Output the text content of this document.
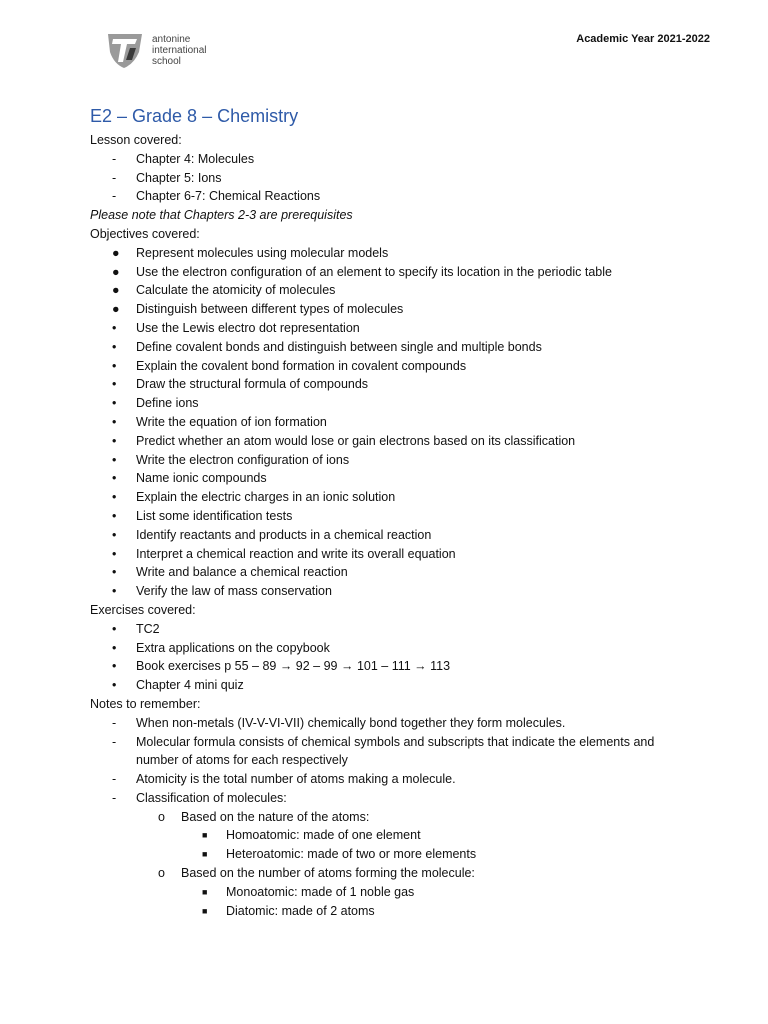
antonine
international
school
Academic Year 2021-2022
E2 – Grade 8 – Chemistry
Lesson covered:
-	Chapter 4: Molecules
-	Chapter 5: Ions
-	Chapter 6-7: Chemical Reactions
Please note that Chapters 2-3 are prerequisites
Objectives covered:
●	Represent molecules using molecular models
●	Use the electron configuration of an element to specify its location in the periodic table
●	Calculate the atomicity of molecules
●	Distinguish between different types of molecules
•	Use the Lewis electro dot representation
•	Define covalent bonds and distinguish between single and multiple bonds
•	Explain the covalent bond formation in covalent compounds
•	Draw the structural formula of compounds
•	Define ions
•	Write the equation of ion formation
•	Predict whether an atom would lose or gain electrons based on its classification
•	Write the electron configuration of ions
•	Name ionic compounds
•	Explain the electric charges in an ionic solution
•	List some identification tests
•	Identify reactants and products in a chemical reaction
•	Interpret a chemical reaction and write its overall equation
•	Write and balance a chemical reaction
•	Verify the law of mass conservation
Exercises covered:
•	TC2
•	Extra applications on the copybook
•	Book exercises p 55 – 89 → 92 – 99 → 101 – 111 → 113
•	Chapter 4 mini quiz
Notes to remember:
-	When non-metals (IV-V-VI-VII) chemically bond together they form molecules.
-	Molecular formula consists of chemical symbols and subscripts that indicate the elements and number of atoms for each respectively
-	Atomicity is the total number of atoms making a molecule.
-	Classification of molecules:
o Based on the nature of the atoms:
■ Homoatomic: made of one element
■ Heteroatomic: made of two or more elements
o Based on the number of atoms forming the molecule:
■ Monoatomic: made of 1 noble gas
■ Diatomic: made of 2 atoms
